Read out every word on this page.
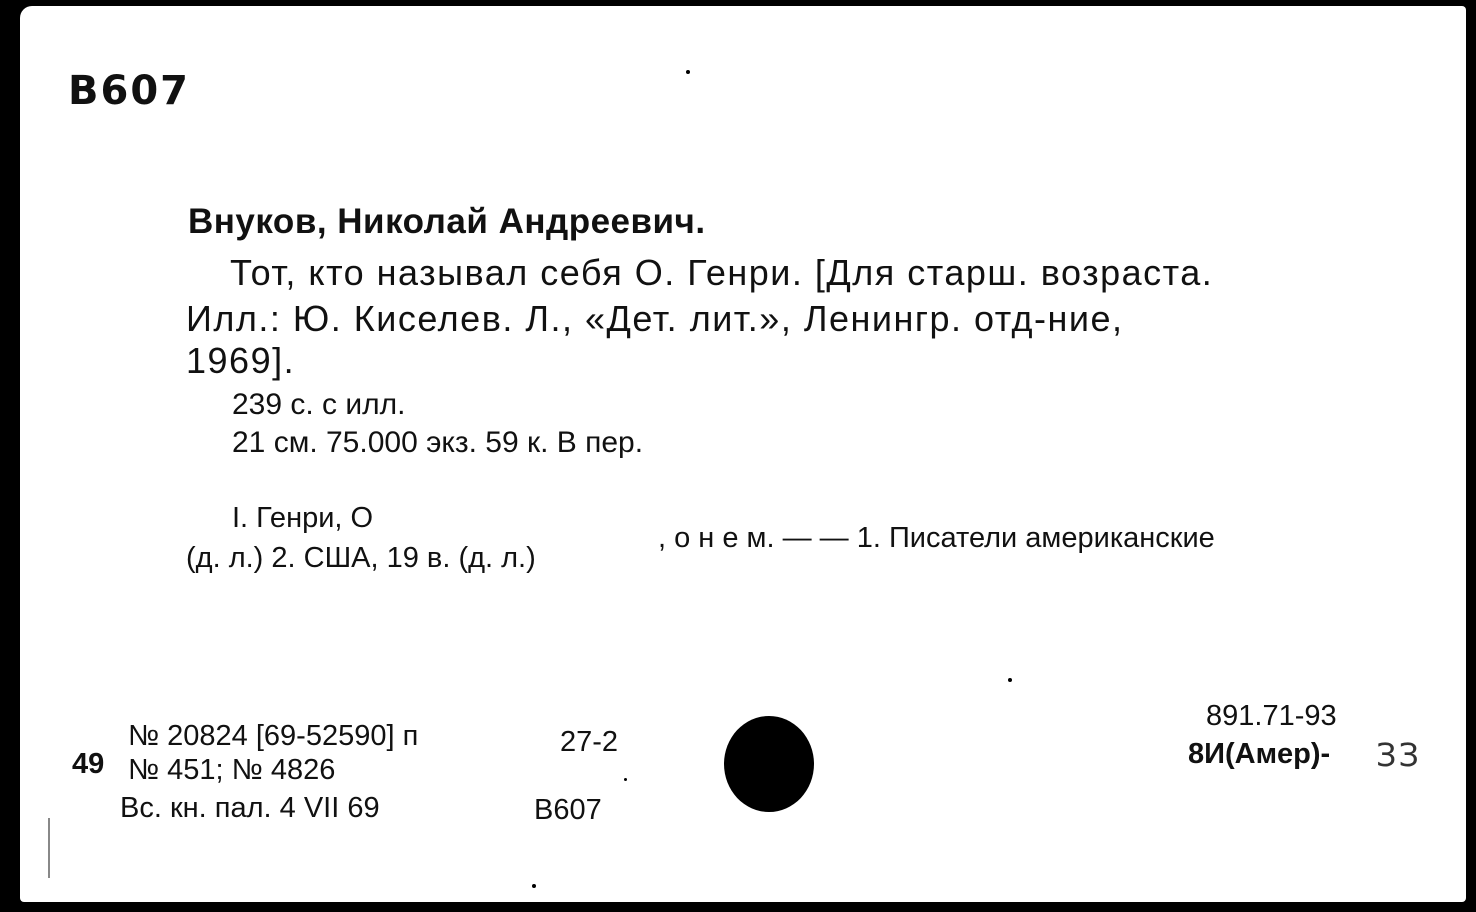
B607
Внуков, Николай Андреевич.
Тот, кто называл себя О. Генри. [Для старш. возраста.
Илл.: Ю. Киселев. Л., «Дет. лит.», Ленингр. отд-ние,
1969].
239 с. с илл.
21 см. 75.000 экз. 59 к. В пер.
I. Генри, О
, о н е м. — — 1. Писатели американские
(д. л.) 2. США, 19 в. (д. л.)
№ 20824 [69-52590] п	27-2
49 № 451; № 4826
Вс. кн. пал. 4 VII 69	В607
891.71-93
8И(Амер)- ЗЗ
